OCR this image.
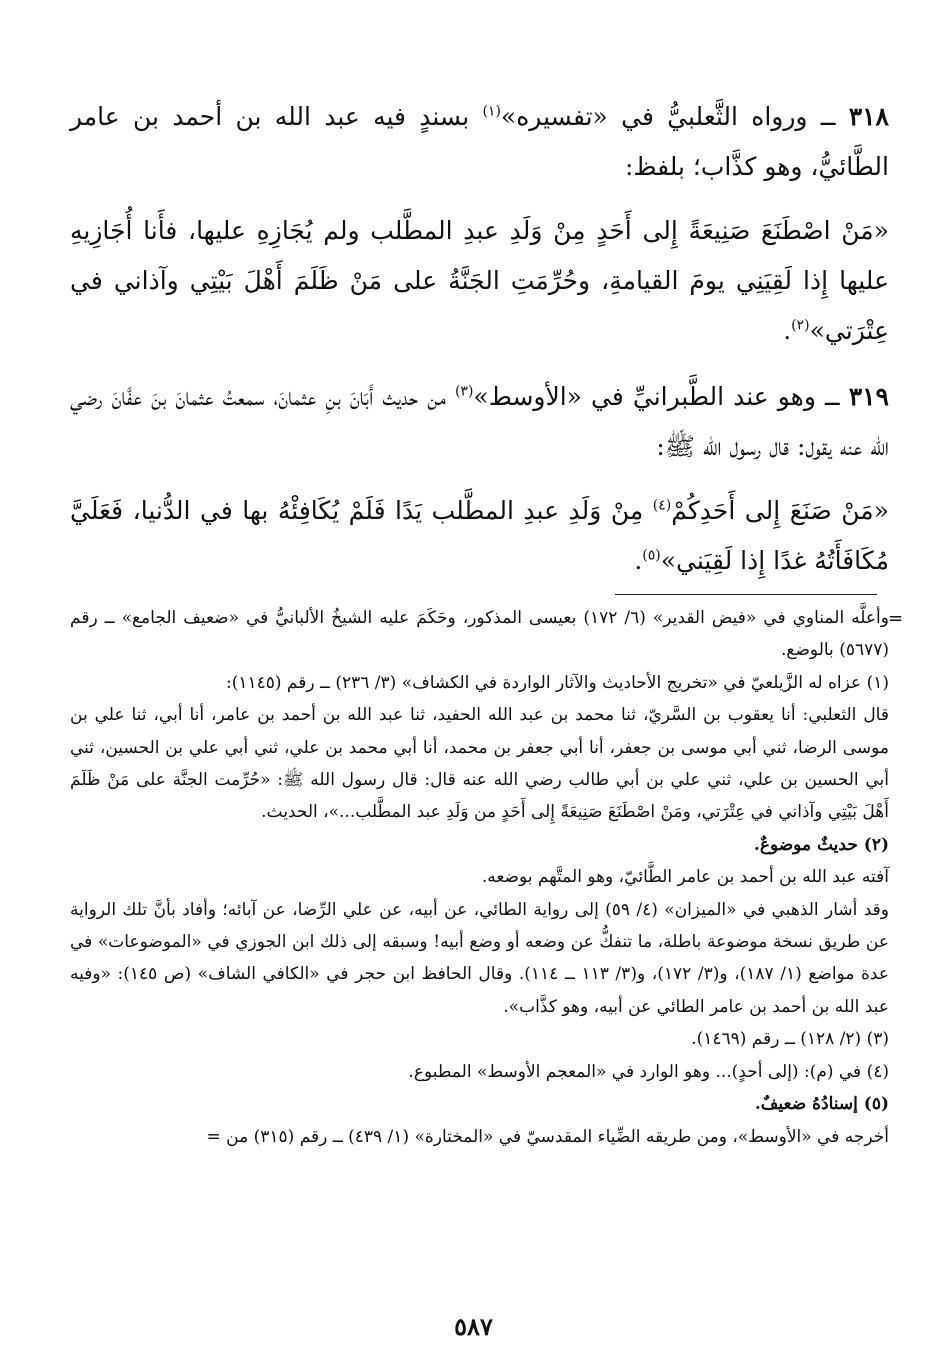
٣١٨ ــ ورواه الثَّعلبيُّ في «تفسيره»$^{(١)}$ بسندٍ فيه عبد الله بن أحمد بن عامر الطَّائيُّ، وهو كذَّاب؛ بلفظ:

«مَنْ اصْطَنَعَ صَنِيعَةً إِلى أَحَدٍ مِنْ وَلَدِ عبدِ المطَّلب ولم يُجَازِهِ عليها، فأَنا أُجَازِيهِ عليها إِذا لَقِيَنِي يومَ القيامةِ، وحُرِّمَتِ الجَنَّةُ على مَنْ ظَلَمَ أَهْلَ بَيْتِي وآذاني في عِتْرَتي»$^{(٢)}$.

٣١٩ ــ وهو عند الطَّبرانيِّ في «الأوسط»$^{(٣)}$ من حديث أَبَانَ بنِ عثمانَ، سمعتُ عثمانَ بنَ عفَّانَ رضي الله عنه يقول: قال رسول الله ﷺ:

«مَنْ صَنَعَ إِلى أَحَدِكُمْ$^{(٤)}$ مِنْ وَلَدِ عبدِ المطَّلب يَدًا فَلَمْ يُكَافِئْهُ بها في الدُّنيا، فَعَلَيَّ مُكَافَأَتُهُ غدًا إِذا لَقِيَني»$^{(٥)}$.

=

وأعلَّه المناوي في «فيض القدير» (٦/ ١٧٢) بعيسى المذكور، وحَكَمَ عليه الشيخُ الألبانيُّ في «ضعيف الجامع» ــ رقم (٥٦٧٧) بالوضع.

(١) عزاه له الزَّيلعيّ في «تخريج الأحاديث والآثار الواردة في الكشاف» (٣/ ٢٣٦) ــ رقم (١١٤٥):

قال الثعلبي: أنا يعقوب بن السَّريّ، ثنا محمد بن عبد الله الحفيد، ثنا عبد الله بن أحمد بن عامر، أنا أبي، ثنا علي بن موسى الرضا، ثني أبي موسى بن جعفر، أنا أبي جعفر بن محمد، أنا أبي محمد بن علي، ثني أبي علي بن الحسين، ثني أبي الحسين بن علي، ثني علي بن أبي طالب رضي الله عنه قال: قال رسول الله ﷺ: «حُرِّمت الجنَّة على مَنْ ظَلَمَ أَهْلَ بَيْتِي وآذاني في عِتْرَتي، ومَنْ اصْطَنَعَ صَنِيعَةً إِلى أَحَدٍ من وَلَدِ عبد المطَّلب...»، الحديث.

(٢) حديثٌ موضوعٌ.

آفته عبد الله بن أحمد بن عامر الطَّائيّ، وهو المتَّهم بوضعه.

وقد أشار الذهبي في «الميزان» (٤/ ٥٩) إلى رواية الطائي، عن أبيه، عن علي الرِّضا، عن آبائه؛ وأفاد بأنَّ تلك الرواية عن طريق نسخة موضوعة باطلة، ما تنفكُّ عن وضعه أو وضع أبيه! وسبقه إلى ذلك ابن الجوزي في «الموضوعات» في عدة مواضع (١/ ١٨٧)، و(٣/ ١٧٢)، و(٣/ ١١٣ ــ ١١٤). وقال الحافظ ابن حجر في «الكافي الشاف» (ص ١٤٥): «وفيه عبد الله بن أحمد بن عامر الطائي عن أبيه، وهو كذَّاب».

(٣) (٢/ ١٢٨) ــ رقم (١٤٦٩).

(٤) في (م): (إلى أحدٍ)... وهو الوارد في «المعجم الأوسط» المطبوع.

(٥) إسنادُهُ ضعيفٌ.

أخرجه في «الأوسط»، ومن طريقه الضِّياء المقدسيّ في «المختارة» (١/ ٤٣٩) ــ رقم (٣١٥) من =

٥٨٧
